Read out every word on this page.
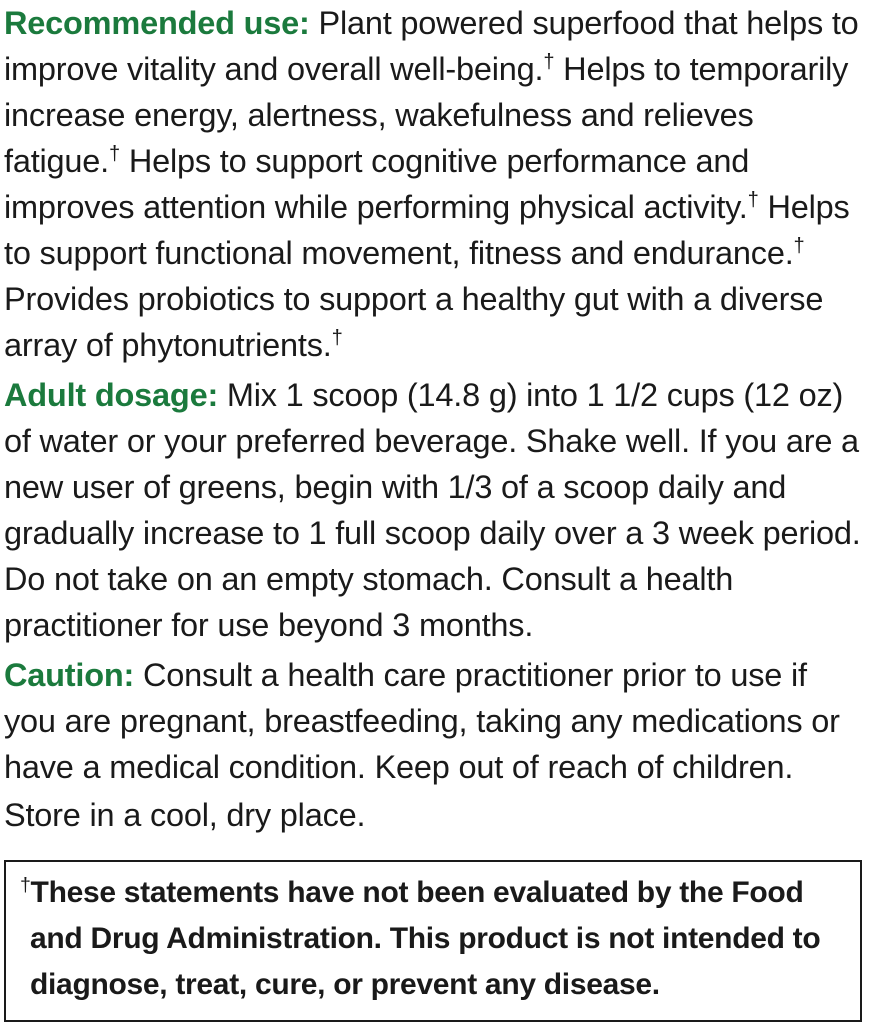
Recommended use: Plant powered superfood that helps to improve vitality and overall well-being.† Helps to temporarily increase energy, alertness, wakefulness and relieves fatigue.† Helps to support cognitive performance and improves attention while performing physical activity.† Helps to support functional movement, fitness and endurance.† Provides probiotics to support a healthy gut with a diverse array of phytonutrients.†

Adult dosage: Mix 1 scoop (14.8 g) into 1 1/2 cups (12 oz) of water or your preferred beverage. Shake well. If you are a new user of greens, begin with 1/3 of a scoop daily and gradually increase to 1 full scoop daily over a 3 week period. Do not take on an empty stomach. Consult a health practitioner for use beyond 3 months.

Caution: Consult a health care practitioner prior to use if you are pregnant, breastfeeding, taking any medications or have a medical condition. Keep out of reach of children.

Store in a cool, dry place.

†These statements have not been evaluated by the Food and Drug Administration. This product is not intended to diagnose, treat, cure, or prevent any disease.
